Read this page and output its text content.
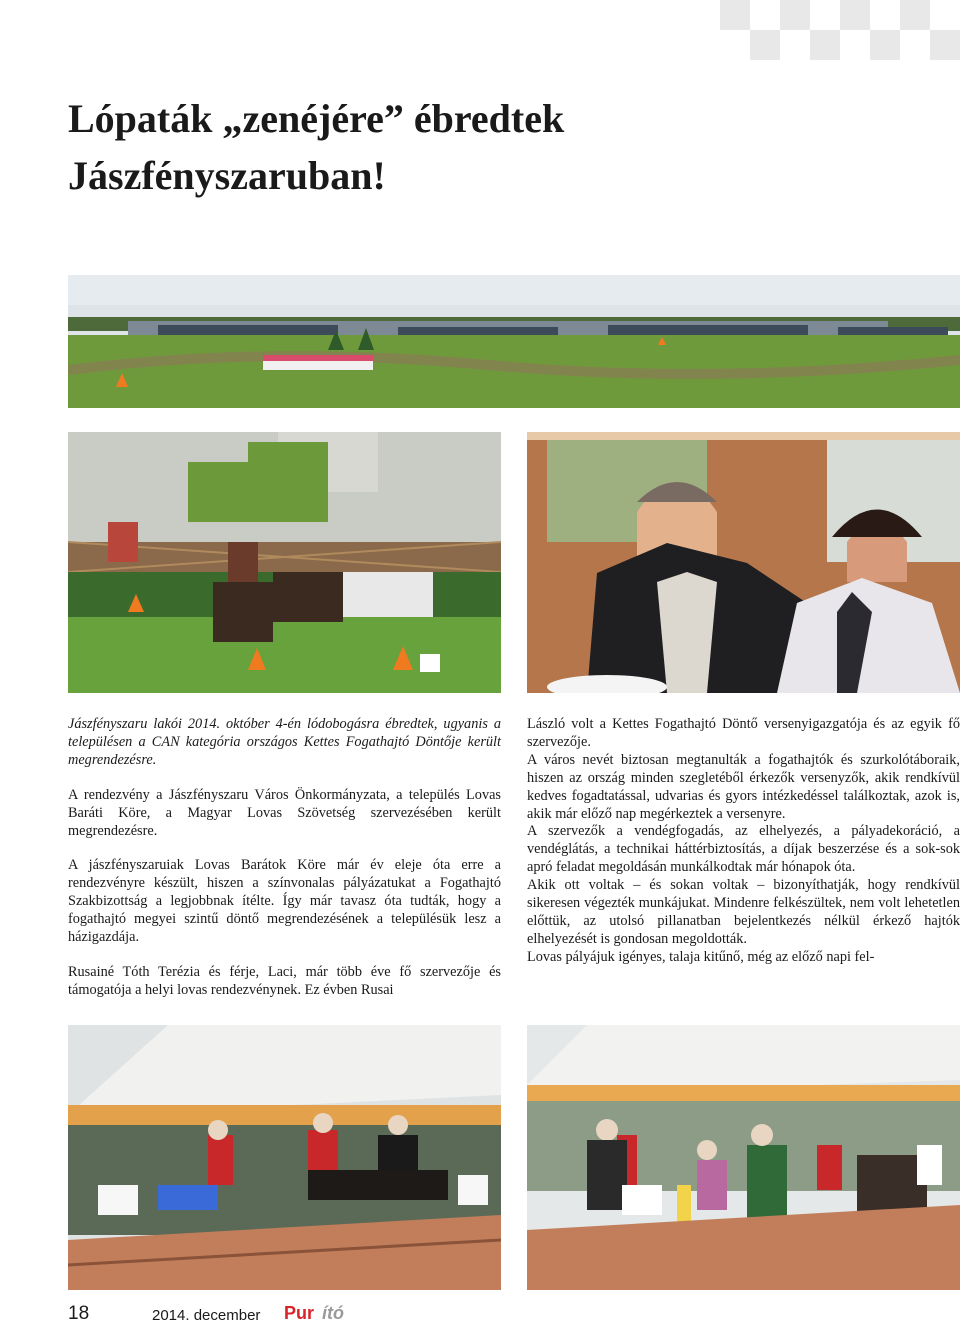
Lópaták „zenéjére” ébredtek
Jászfényszaruban!

Jászfényszaru lakói 2014. október 4-én lódobogásra ébredtek, ugyanis a településen a CAN kategória országos Kettes Fogathajtó Döntője került megrendezésre.

A rendezvény a Jászfényszaru Város Önkormányzata, a település Lovas Baráti Köre, a Magyar Lovas Szövetség szervezésében került megrendezésre.

A jászfényszaruiak Lovas Barátok Köre már év eleje óta erre a rendezvényre készült, hiszen a színvonalas pályázatukat a Fogathajtó Szakbizottság a legjobbnak ítélte. Így már tavasz óta tudták, hogy a fogathajtó megyei szintű döntő megrendezésének a településük lesz a házigazdája.

Rusainé Tóth Terézia és férje, Laci, már több éve fő szervezője és támogatója a helyi lovas rendezvénynek. Ez évben Rusai

László volt a Kettes Fogathajtó Döntő versenyigazgatója és az egyik fő szervezője.

A város nevét biztosan megtanulták a fogathajtók és szurkolótáboraik, hiszen az ország minden szegletéből érkezők versenyzők, akik rendkívül kedves fogadtatással, udvarias és gyors intézkedéssel találkoztak, azok is, akik már előző nap megérkeztek a versenyre.

A szervezők a vendégfogadás, az elhelyezés, a pályadekoráció, a vendéglátás, a technikai háttérbiztosítás, a díjak beszerzése és a sok-sok apró feladat megoldásán munkálkodtak már hónapok óta.

Akik ott voltak – és sokan voltak – bizonyíthatják, hogy rendkívül sikeresen végezték munkájukat. Mindenre felkészültek, nem volt lehetetlen előttük, az utolsó pillanatban bejelentkezés nélkül érkező hajtók elhelyezését is gondosan megoldották.

Lovas pályájuk igényes, talaja kitűnő, még az előző napi fel-

18	2014. december Pur ító
